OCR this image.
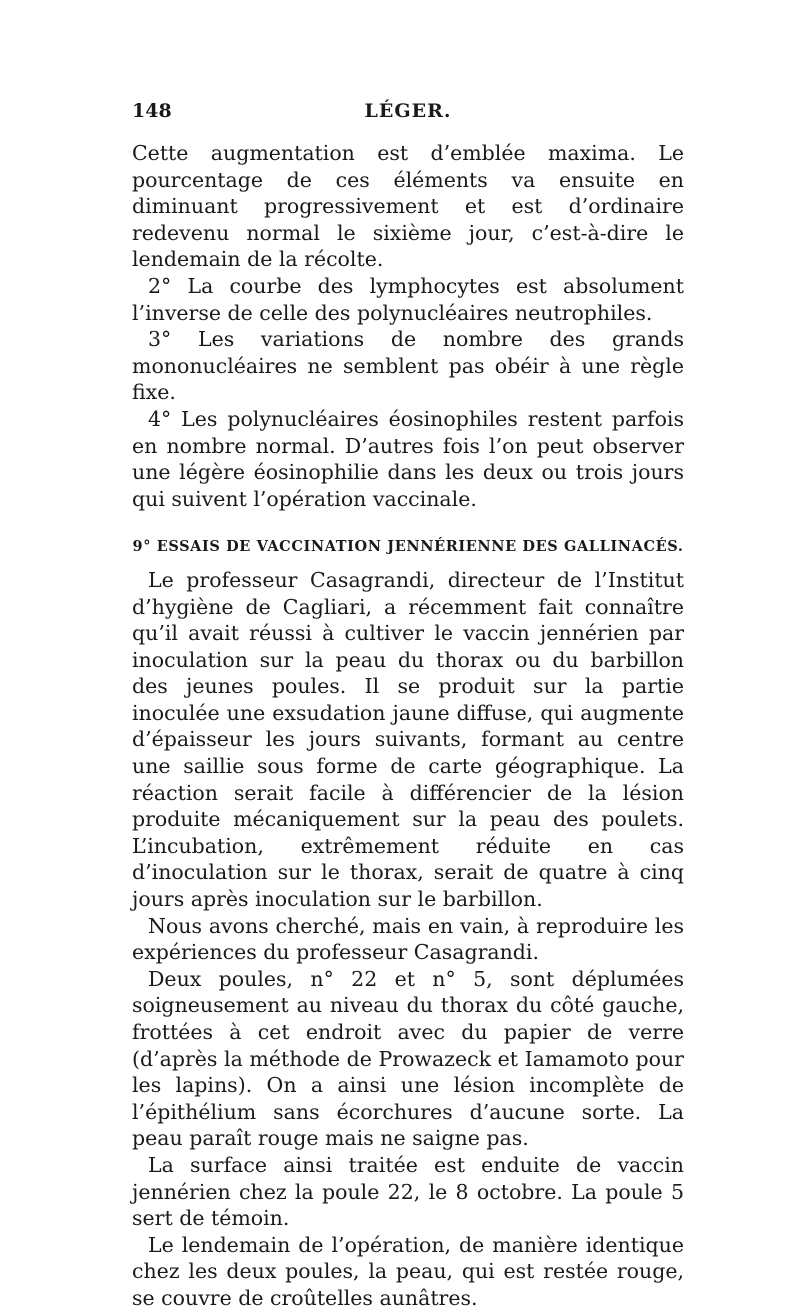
148	LÉGER.

Cette augmentation est d’emblée maxima. Le pourcentage de ces éléments va ensuite en diminuant progressivement et est d’ordinaire redevenu normal le sixième jour, c’est-à-dire le lendemain de la récolte.

2° La courbe des lymphocytes est absolument l’inverse de celle des polynucléaires neutrophiles.

3° Les variations de nombre des grands mononucléaires ne semblent pas obéir à une règle fixe.

4° Les polynucléaires éosinophiles restent parfois en nombre normal. D’autres fois l’on peut observer une légère éosinophilie dans les deux ou trois jours qui suivent l’opération vaccinale.

9° ESSAIS DE VACCINATION JENNÉRIENNE DES GALLINACÉS.

Le professeur Casagrandi, directeur de l’Institut d’hygiène de Cagliari, a récemment fait connaître qu’il avait réussi à cultiver le vaccin jennérien par inoculation sur la peau du thorax ou du barbillon des jeunes poules. Il se produit sur la partie inoculée une exsudation jaune diffuse, qui augmente d’épaisseur les jours suivants, formant au centre une saillie sous forme de carte géographique. La réaction serait facile à différencier de la lésion produite mécaniquement sur la peau des poulets. L’incubation, extrêmement réduite en cas d’inoculation sur le thorax, serait de quatre à cinq jours après inoculation sur le barbillon.

Nous avons cherché, mais en vain, à reproduire les expériences du professeur Casagrandi.

Deux poules, n° 22 et n° 5, sont déplumées soigneusement au niveau du thorax du côté gauche, frottées à cet endroit avec du papier de verre (d’après la méthode de Prowazeck et Iamamoto pour les lapins). On a ainsi une lésion incomplète de l’épithélium sans écorchures d’aucune sorte. La peau paraît rouge mais ne saigne pas.

La surface ainsi traitée est enduite de vaccin jennérien chez la poule 22, le 8 octobre. La poule 5 sert de témoin.

Le lendemain de l’opération, de manière identique chez les deux poules, la peau, qui est restée rouge, se couvre de croûtelles aunâtres.
